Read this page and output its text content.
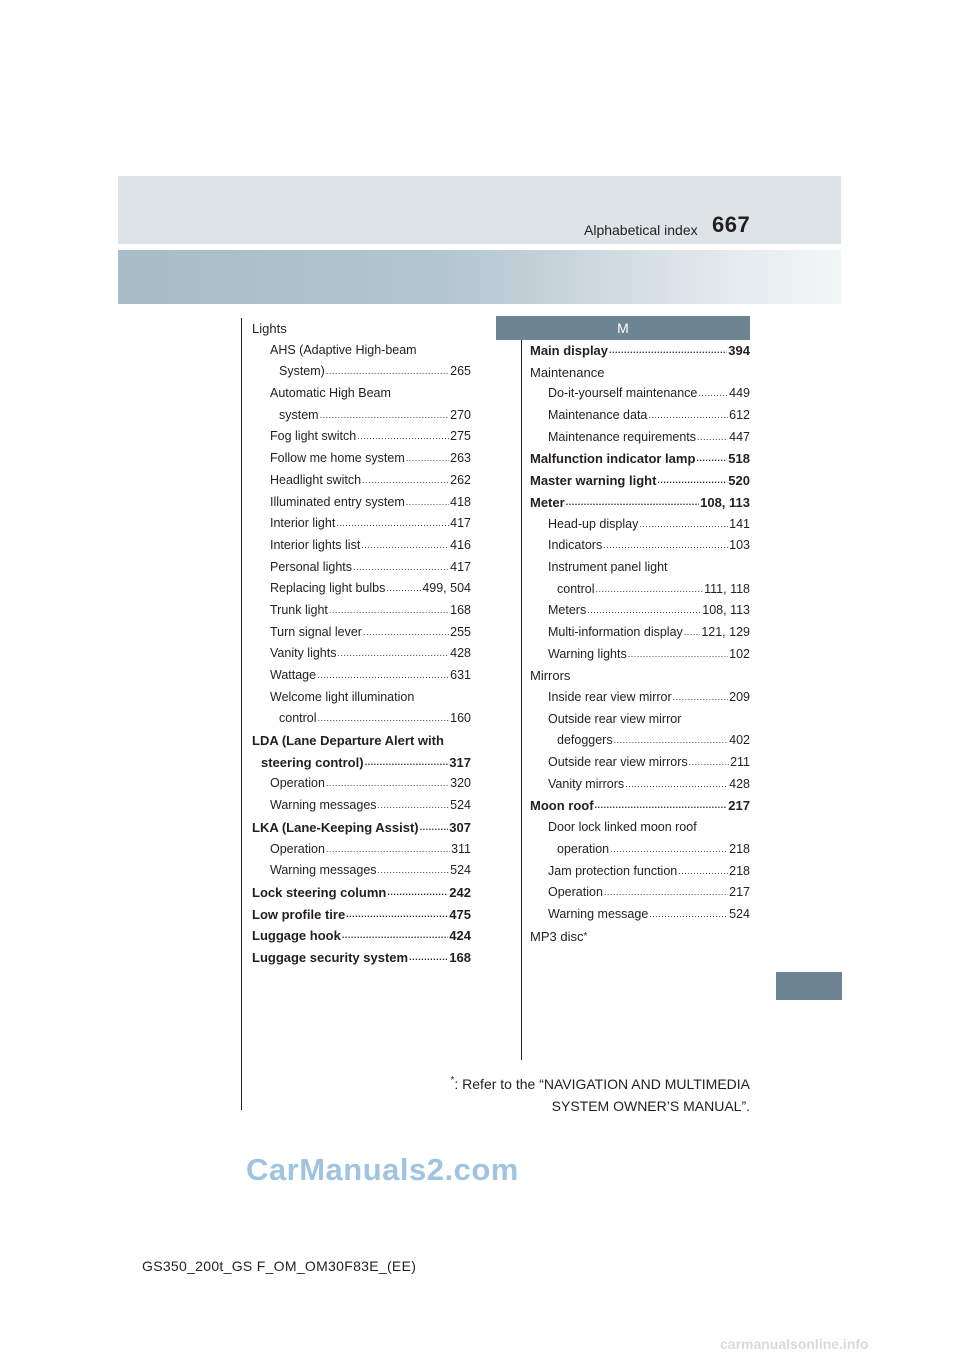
Alphabetical index 667
Lights
AHS (Adaptive High-beam
System) .....	265
Automatic High Beam
system .....	270
Fog light switch .....	275
Follow me home system .....	263
Headlight switch .....	262
Illuminated entry system .....	418
Interior light .....	417
Interior lights list .....	416
Personal lights .....	417
Replacing light bulbs .....	499, 504
Trunk light .....	168
Turn signal lever .....	255
Vanity lights .....	428
Wattage .....	631
Welcome light illumination
control .....	160
LDA (Lane Departure Alert with
steering control) .....	317
Operation .....	320
Warning messages .....	524
LKA (Lane-Keeping Assist) ..... 307
Operation .....	311
Warning messages .....	524
Lock steering column .....	242
Low profile tire .....	475
Luggage hook .....	424
Luggage security system .....	168
M
Main display .....	394
Maintenance
Do-it-yourself maintenance .....	449
Maintenance data .....	612
Maintenance requirements .....	447
Malfunction indicator lamp .....	518
Master warning light .....	520
Meter .....	108, 113
Head-up display .....	141
Indicators .....	103
Instrument panel light
control .....	111, 118
Meters .....	108, 113
Multi-information display ..... 121, 129
Warning lights .....	102
Mirrors
Inside rear view mirror .....	209
Outside rear view mirror
defoggers .....	402
Outside rear view mirrors .....	211
Vanity mirrors .....	428
Moon roof .....	217
Door lock linked moon roof
operation .....	218
Jam protection function .....	218
Operation .....	217
Warning message .....	524
MP3 disc *
*: Refer to the “NAVIGATION AND MULTIMEDIA
SYSTEM OWNER’S MANUAL”.
CarManuals2.com
GS350_200t_GS F_OM_OM30F83E_(EE)
carmanualsonline.info
